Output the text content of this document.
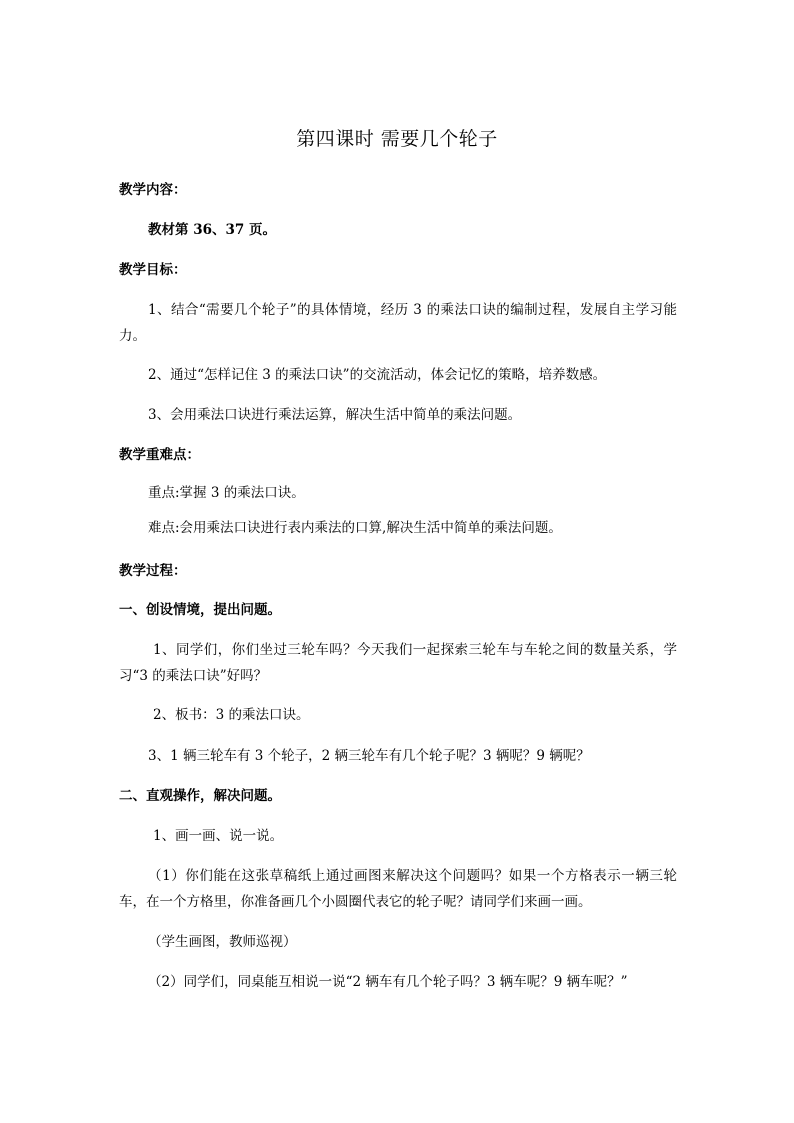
第四课时 需要几个轮子
教学内容：
教材第 36、37 页。
教学目标：
1、结合“需要几个轮子”的具体情境，经历 3 的乘法口诀的编制过程，发展自主学习能力。
2、通过“怎样记住 3 的乘法口诀”的交流活动，体会记忆的策略，培养数感。
3、会用乘法口诀进行乘法运算，解决生活中简单的乘法问题。
教学重难点：
重点:掌握 3 的乘法口诀。
难点:会用乘法口诀进行表内乘法的口算,解决生活中简单的乘法问题。
教学过程：
一、创设情境，提出问题。
1、同学们，你们坐过三轮车吗？今天我们一起探索三轮车与车轮之间的数量关系，学习“3 的乘法口诀”好吗？
2、板书：3 的乘法口诀。
3、1 辆三轮车有 3 个轮子，2 辆三轮车有几个轮子呢？3 辆呢？9 辆呢？
二、直观操作，解决问题。
1、画一画、说一说。
（1）你们能在这张草稿纸上通过画图来解决这个问题吗？如果一个方格表示一辆三轮车，在一个方格里，你准备画几个小圆圈代表它的轮子呢？请同学们来画一画。
（学生画图，教师巡视）
（2）同学们，同桌能互相说一说“2 辆车有几个轮子吗？3 辆车呢？9 辆车呢？”
